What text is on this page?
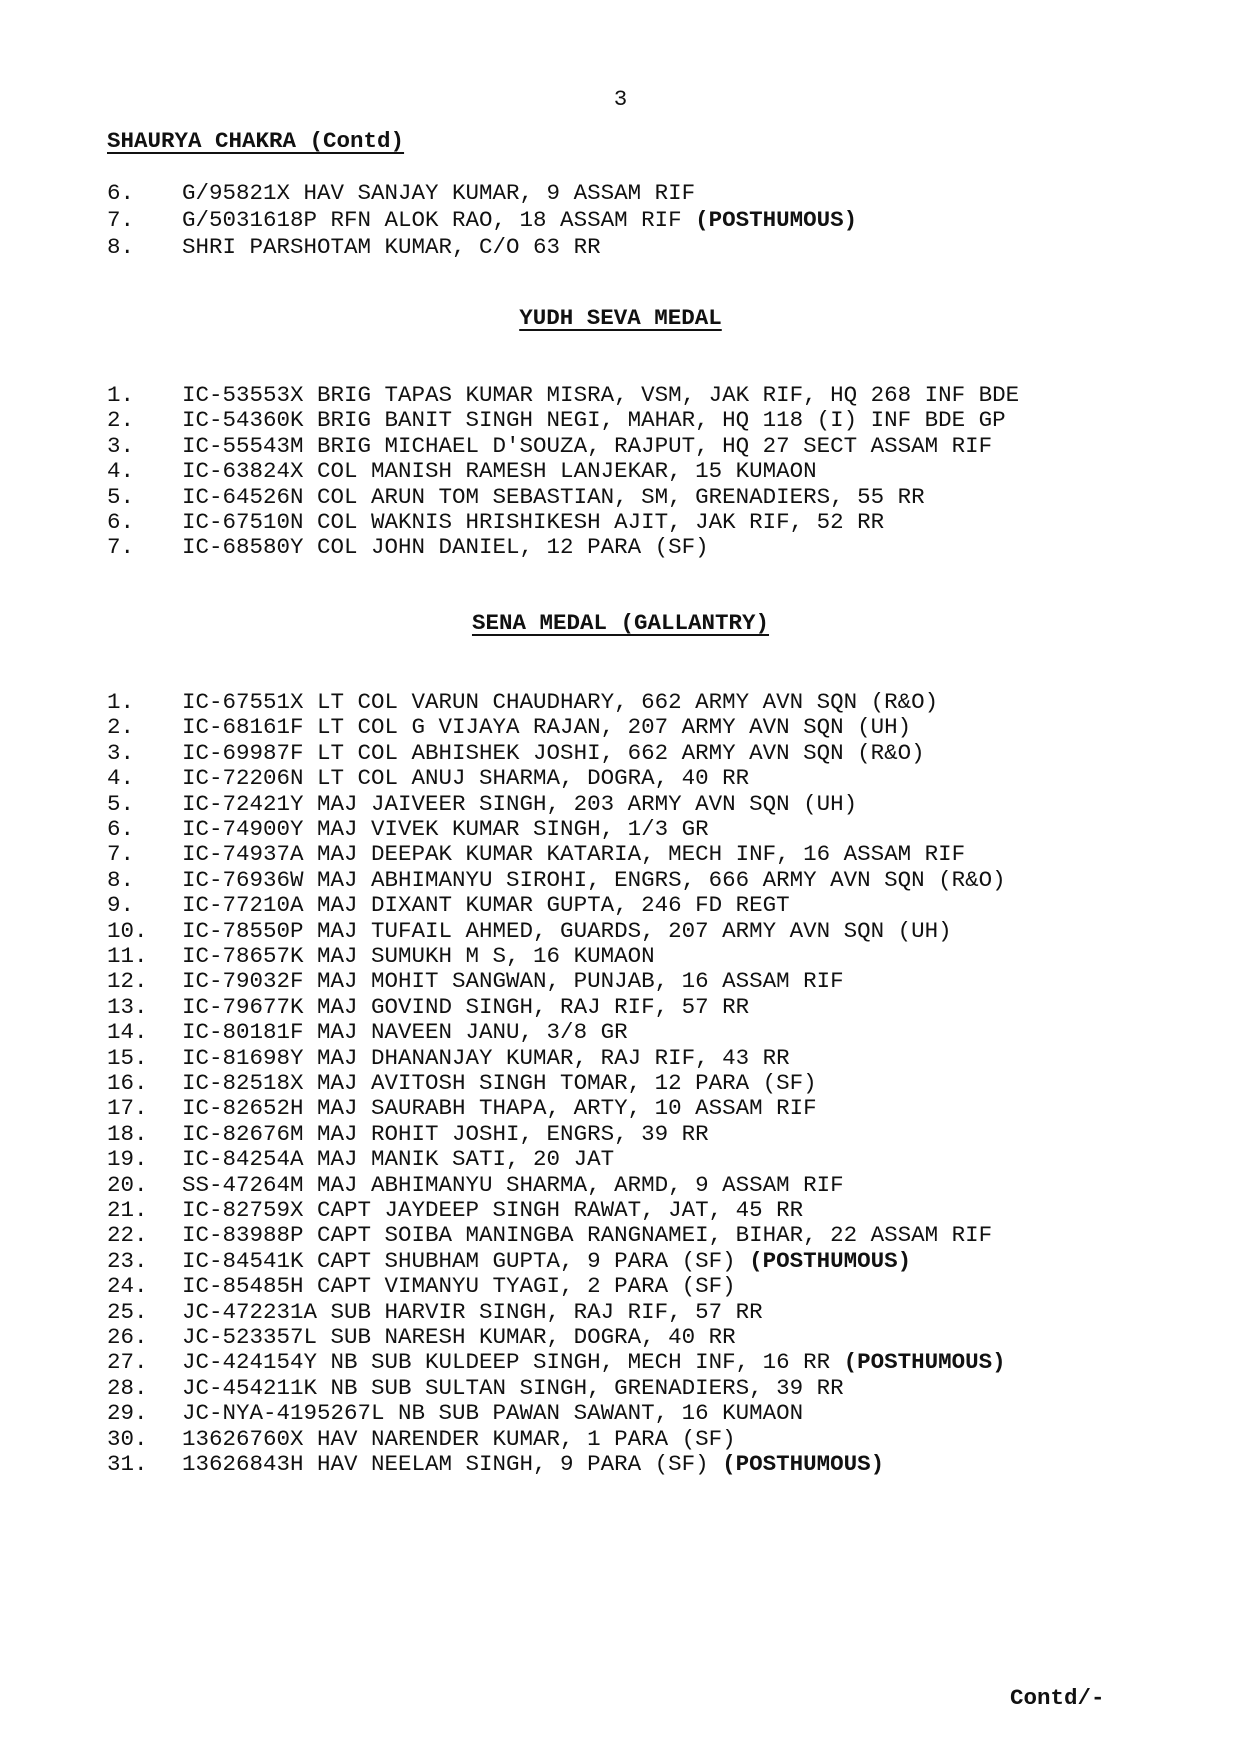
3
SHAURYA CHAKRA (Contd)
6.	G/95821X HAV SANJAY KUMAR, 9 ASSAM RIF
7.	G/5031618P RFN ALOK RAO, 18 ASSAM RIF (POSTHUMOUS)
8.	SHRI PARSHOTAM KUMAR, C/O 63 RR
YUDH SEVA MEDAL
1.	IC-53553X BRIG TAPAS KUMAR MISRA, VSM, JAK RIF, HQ 268 INF BDE
2.	IC-54360K BRIG BANIT SINGH NEGI, MAHAR, HQ 118 (I) INF BDE GP
3.	IC-55543M BRIG MICHAEL D'SOUZA, RAJPUT, HQ 27 SECT ASSAM RIF
4.	IC-63824X COL MANISH RAMESH LANJEKAR, 15 KUMAON
5.	IC-64526N COL ARUN TOM SEBASTIAN, SM, GRENADIERS, 55 RR
6.	IC-67510N COL WAKNIS HRISHIKESH AJIT, JAK RIF, 52 RR
7.	IC-68580Y COL JOHN DANIEL, 12 PARA (SF)
SENA MEDAL (GALLANTRY)
1.	IC-67551X LT COL VARUN CHAUDHARY, 662 ARMY AVN SQN (R&O)
2.	IC-68161F LT COL G VIJAYA RAJAN, 207 ARMY AVN SQN (UH)
3.	IC-69987F LT COL ABHISHEK JOSHI, 662 ARMY AVN SQN (R&O)
4.	IC-72206N LT COL ANUJ SHARMA, DOGRA, 40 RR
5.	IC-72421Y MAJ JAIVEER SINGH, 203 ARMY AVN SQN (UH)
6.	IC-74900Y MAJ VIVEK KUMAR SINGH, 1/3 GR
7.	IC-74937A MAJ DEEPAK KUMAR KATARIA, MECH INF, 16 ASSAM RIF
8.	IC-76936W MAJ ABHIMANYU SIROHI, ENGRS, 666 ARMY AVN SQN (R&O)
9.	IC-77210A MAJ DIXANT KUMAR GUPTA, 246 FD REGT
10.	IC-78550P MAJ TUFAIL AHMED, GUARDS, 207 ARMY AVN SQN (UH)
11.	IC-78657K MAJ SUMUKH M S, 16 KUMAON
12.	IC-79032F MAJ MOHIT SANGWAN, PUNJAB, 16 ASSAM RIF
13.	IC-79677K MAJ GOVIND SINGH, RAJ RIF, 57 RR
14.	IC-80181F MAJ NAVEEN JANU, 3/8 GR
15.	IC-81698Y MAJ DHANANJAY KUMAR, RAJ RIF, 43 RR
16.	IC-82518X MAJ AVITOSH SINGH TOMAR, 12 PARA (SF)
17.	IC-82652H MAJ SAURABH THAPA, ARTY, 10 ASSAM RIF
18.	IC-82676M MAJ ROHIT JOSHI, ENGRS, 39 RR
19.	IC-84254A MAJ MANIK SATI, 20 JAT
20.	SS-47264M MAJ ABHIMANYU SHARMA, ARMD, 9 ASSAM RIF
21.	IC-82759X CAPT JAYDEEP SINGH RAWAT, JAT, 45 RR
22.	IC-83988P CAPT SOIBA MANINGBA RANGNAMEI, BIHAR, 22 ASSAM RIF
23.	IC-84541K CAPT SHUBHAM GUPTA, 9 PARA (SF) (POSTHUMOUS)
24.	IC-85485H CAPT VIMANYU TYAGI, 2 PARA (SF)
25.	JC-472231A SUB HARVIR SINGH, RAJ RIF, 57 RR
26.	JC-523357L SUB NARESH KUMAR, DOGRA, 40 RR
27.	JC-424154Y NB SUB KULDEEP SINGH, MECH INF, 16 RR (POSTHUMOUS)
28.	JC-454211K NB SUB SULTAN SINGH, GRENADIERS, 39 RR
29.	JC-NYA-4195267L NB SUB PAWAN SAWANT, 16 KUMAON
30.	13626760X HAV NARENDER KUMAR, 1 PARA (SF)
31.	13626843H HAV NEELAM SINGH, 9 PARA (SF) (POSTHUMOUS)
Contd/-
